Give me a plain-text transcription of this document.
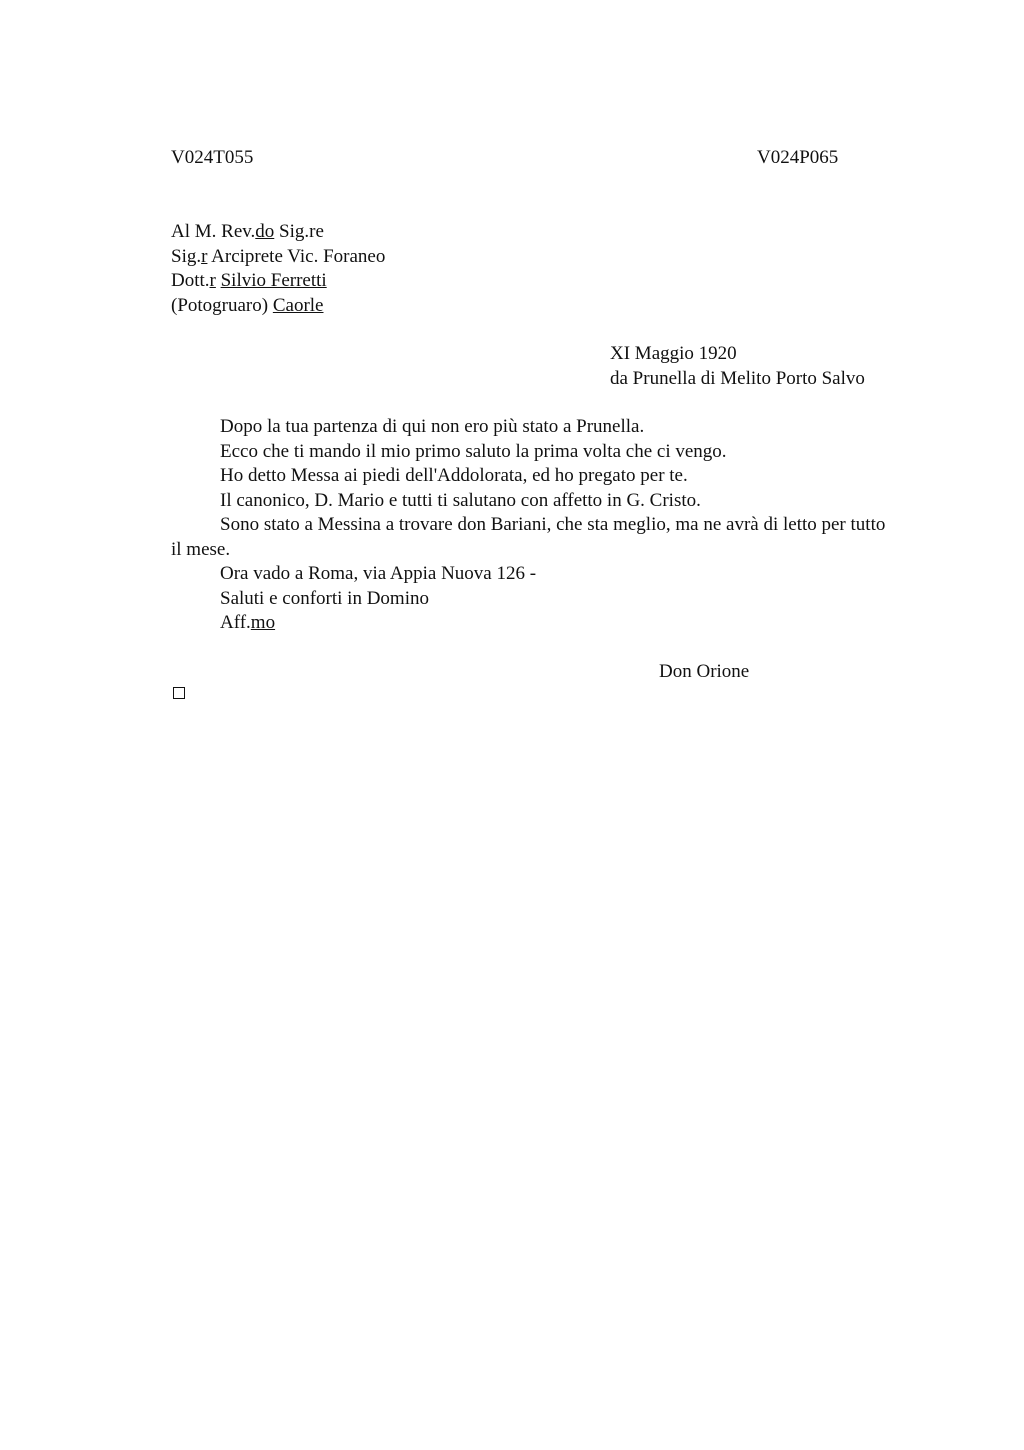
V024T055	V024P065
Al M. Rev.do Sig.re
Sig.r Arciprete Vic. Foraneo
Dott.r Silvio Ferretti
(Potogruaro) Caorle
XI Maggio 1920
da Prunella di Melito Porto Salvo

Dopo la tua partenza di qui non ero più stato a Prunella.

Ecco che ti mando il mio primo saluto la prima volta che ci vengo.

Ho detto Messa ai piedi dell'Addolorata, ed ho pregato per te.

Il canonico, D. Mario e tutti ti salutano con affetto in G. Cristo.

Sono stato a Messina a trovare don Bariani, che sta meglio, ma ne avrà di letto per tutto il mese.

Ora vado a Roma, via Appia Nuova 126 -

Saluti e conforti in Domino

Aff.mo

Don Orione
